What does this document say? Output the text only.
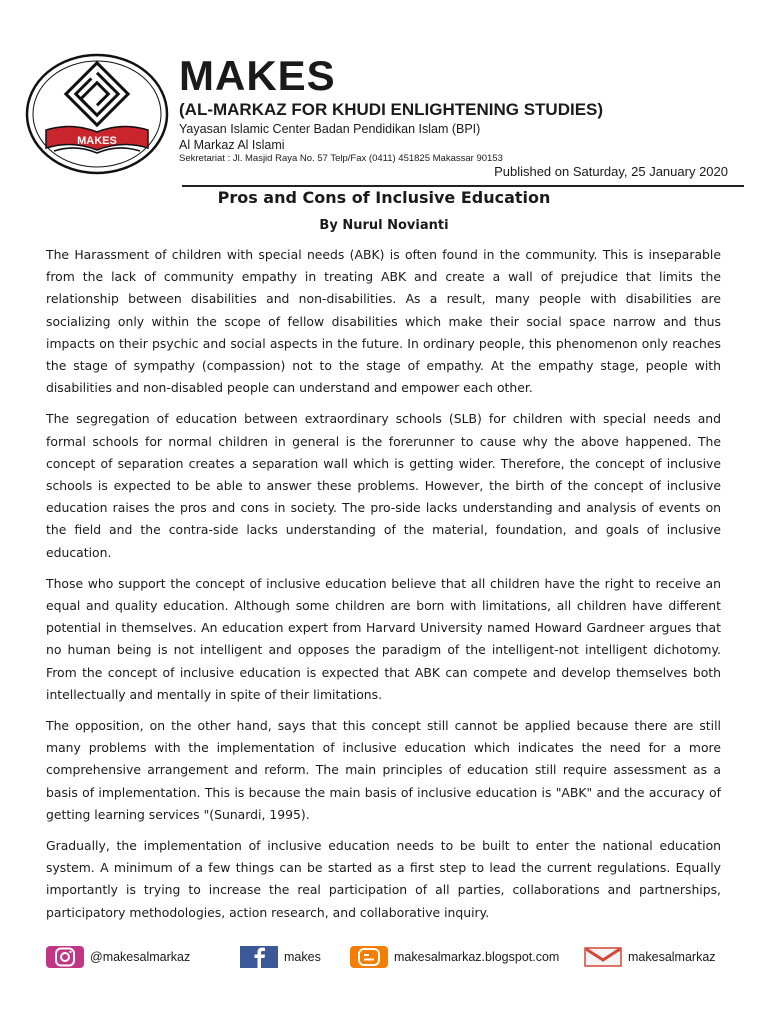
MAKES
MAKES
(AL-MARKAZ FOR KHUDI ENLIGHTENING STUDIES)
Yayasan Islamic Center Badan Pendidikan Islam (BPI)
Al Markaz Al Islami
Sekretariat : Jl. Masjid Raya No. 57 Telp/Fax (0411) 451825 Makassar 90153
Published on Saturday, 25 January 2020
Pros and Cons of Inclusive Education
By Nurul Novianti

The Harassment of children with special needs (ABK) is often found in the community. This is inseparable from the lack of community empathy in treating ABK and create a wall of prejudice that limits the relationship between disabilities and non-disabilities. As a result, many people with disabilities are socializing only within the scope of fellow disabilities which make their social space narrow and thus impacts on their psychic and social aspects in the future. In ordinary people, this phenomenon only reaches the stage of sympathy (compassion) not to the stage of empathy. At the empathy stage, people with disabilities and non-disabled people can understand and empower each other.

The segregation of education between extraordinary schools (SLB) for children with special needs and formal schools for normal children in general is the forerunner to cause why the above happened. The concept of separation creates a separation wall which is getting wider. Therefore, the concept of inclusive schools is expected to be able to answer these problems. However, the birth of the concept of inclusive education raises the pros and cons in society. The pro-side lacks understanding and analysis of events on the field and the contra-side lacks understanding of the material, foundation, and goals of inclusive education.

Those who support the concept of inclusive education believe that all children have the right to receive an equal and quality education. Although some children are born with limitations, all children have different potential in themselves. An education expert from Harvard University named Howard Gardneer argues that no human being is not intelligent and opposes the paradigm of the intelligent-not intelligent dichotomy. From the concept of inclusive education is expected that ABK can compete and develop themselves both intellectually and mentally in spite of their limitations.

The opposition, on the other hand, says that this concept still cannot be applied because there are still many problems with the implementation of inclusive education which indicates the need for a more comprehensive arrangement and reform. The main principles of education still require assessment as a basis of implementation. This is because the main basis of inclusive education is "ABK" and the accuracy of getting learning services "(Sunardi, 1995).

Gradually, the implementation of inclusive education needs to be built to enter the national education system. A minimum of a few things can be started as a first step to lead the current regulations. Equally importantly is trying to increase the real participation of all parties, collaborations and partnerships, participatory methodologies, action research, and collaborative inquiry.

@makesalmarkaz	makes	makesalmarkaz.blogspot.com	makesalmarkaz
